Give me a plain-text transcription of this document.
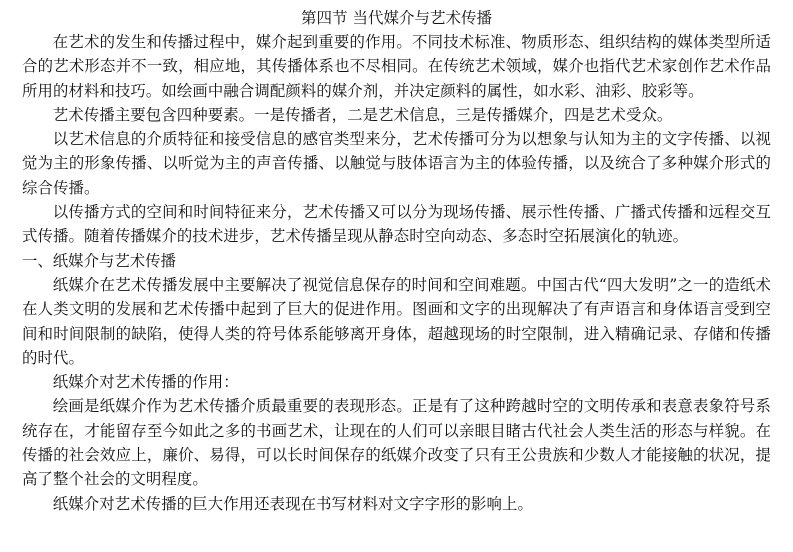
第四节 当代媒介与艺术传播

在艺术的发生和传播过程中，媒介起到重要的作用。不同技术标准、物质形态、组织结构的媒体类型所适合的艺术形态并不一致，相应地，其传播体系也不尽相同。在传统艺术领域，媒介也指代艺术家创作艺术作品所用的材料和技巧。如绘画中融合调配颜料的媒介剂，并决定颜料的属性，如水彩、油彩、胶彩等。

艺术传播主要包含四种要素。一是传播者，二是艺术信息，三是传播媒介，四是艺术受众。

以艺术信息的介质特征和接受信息的感官类型来分，艺术传播可分为以想象与认知为主的文字传播、以视觉为主的形象传播、以听觉为主的声音传播、以触觉与肢体语言为主的体验传播，以及统合了多种媒介形式的综合传播。

以传播方式的空间和时间特征来分，艺术传播又可以分为现场传播、展示性传播、广播式传播和远程交互式传播。随着传播媒介的技术进步，艺术传播呈现从静态时空向动态、多态时空拓展演化的轨迹。

一、纸媒介与艺术传播

纸媒介在艺术传播发展中主要解决了视觉信息保存的时间和空间难题。中国古代“四大发明”之一的造纸术在人类文明的发展和艺术传播中起到了巨大的促进作用。图画和文字的出现解决了有声语言和身体语言受到空间和时间限制的缺陷，使得人类的符号体系能够离开身体，超越现场的时空限制，进入精确记录、存储和传播的时代。

纸媒介对艺术传播的作用：

绘画是纸媒介作为艺术传播介质最重要的表现形态。正是有了这种跨越时空的文明传承和表意表象符号系统存在，才能留存至今如此之多的书画艺术，让现在的人们可以亲眼目睹古代社会人类生活的形态与样貌。在传播的社会效应上，廉价、易得，可以长时间保存的纸媒介改变了只有王公贵族和少数人才能接触的状况，提高了整个社会的文明程度。

纸媒介对艺术传播的巨大作用还表现在书写材料对文字字形的影响上。
